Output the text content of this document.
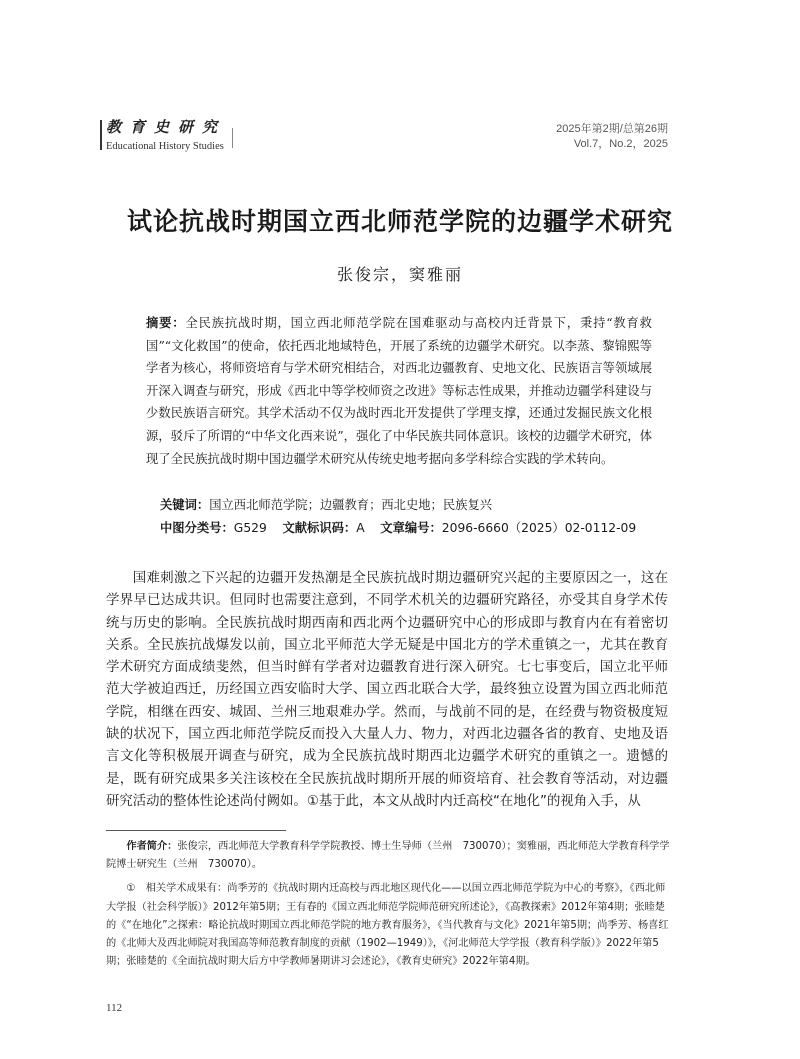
教育史研究
Educational History Studies
2025年第2期/总第26期
Vol.7，No.2，2025
试论抗战时期国立西北师范学院的边疆学术研究
张俊宗，窦雅丽
摘要：全民族抗战时期，国立西北师范学院在国难驱动与高校内迁背景下，秉持“教育救国”“文化救国”的使命，依托西北地域特色，开展了系统的边疆学术研究。以李蒸、黎锦熙等学者为核心，将师资培育与学术研究相结合，对西北边疆教育、史地文化、民族语言等领域展开深入调查与研究，形成《西北中等学校师资之改进》等标志性成果，并推动边疆学科建设与少数民族语言研究。其学术活动不仅为战时西北开发提供了学理支撑，还通过发掘民族文化根源，驳斥了所谓的“中华文化西来说”，强化了中华民族共同体意识。该校的边疆学术研究，体现了全民族抗战时期中国边疆学术研究从传统史地考据向多学科综合实践的学术转向。
关键词：国立西北师范学院；边疆教育；西北史地；民族复兴
中图分类号：G529 文献标识码：A 文章编号：2096-6660（2025）02-0112-09
国难刺激之下兴起的边疆开发热潮是全民族抗战时期边疆研究兴起的主要原因之一，这在学界早已达成共识。但同时也需要注意到，不同学术机关的边疆研究路径，亦受其自身学术传统与历史的影响。全民族抗战时期西南和西北两个边疆研究中心的形成即与教育内在有着密切关系。全民族抗战爆发以前，国立北平师范大学无疑是中国北方的学术重镇之一，尤其在教育学术研究方面成绩斐然，但当时鲜有学者对边疆教育进行深入研究。七七事变后，国立北平师范大学被迫西迁，历经国立西安临时大学、国立西北联合大学，最终独立设置为国立西北师范学院，相继在西安、城固、兰州三地艰难办学。然而，与战前不同的是，在经费与物资极度短缺的状况下，国立西北师范学院反而投入大量人力、物力，对西北边疆各省的教育、史地及语言文化等积极展开调查与研究，成为全民族抗战时期西北边疆学术研究的重镇之一。遗憾的是，既有研究成果多关注该校在全民族抗战时期所开展的师资培育、社会教育等活动，对边疆研究活动的整体性论述尚付阙如。①基于此，本文从战时内迁高校“在地化”的视角入手，从
作者简介：张俊宗，西北师范大学教育科学学院教授、博士生导师（兰州　730070）；窦雅丽，西北师范大学教育科学学院博士研究生（兰州　730070）。
①　相关学术成果有：尚季芳的《抗战时期内迁高校与西北地区现代化——以国立西北师范学院为中心的考察》，《西北师大学报（社会科学版）》2012年第5期；王有春的《国立西北师范学院师范研究所述论》，《高教探索》2012年第4期；张睦楚的《“在地化”之探索：略论抗战时期国立西北师范学院的地方教育服务》，《当代教育与文化》2021年第5期；尚季芳、杨喜红的《北师大及西北师院对我国高等师范教育制度的贡献（1902—1949）》，《河北师范大学学报（教育科学版）》2022年第5期；张睦楚的《全面抗战时期大后方中学教师暑期讲习会述论》，《教育史研究》2022年第4期。
112
